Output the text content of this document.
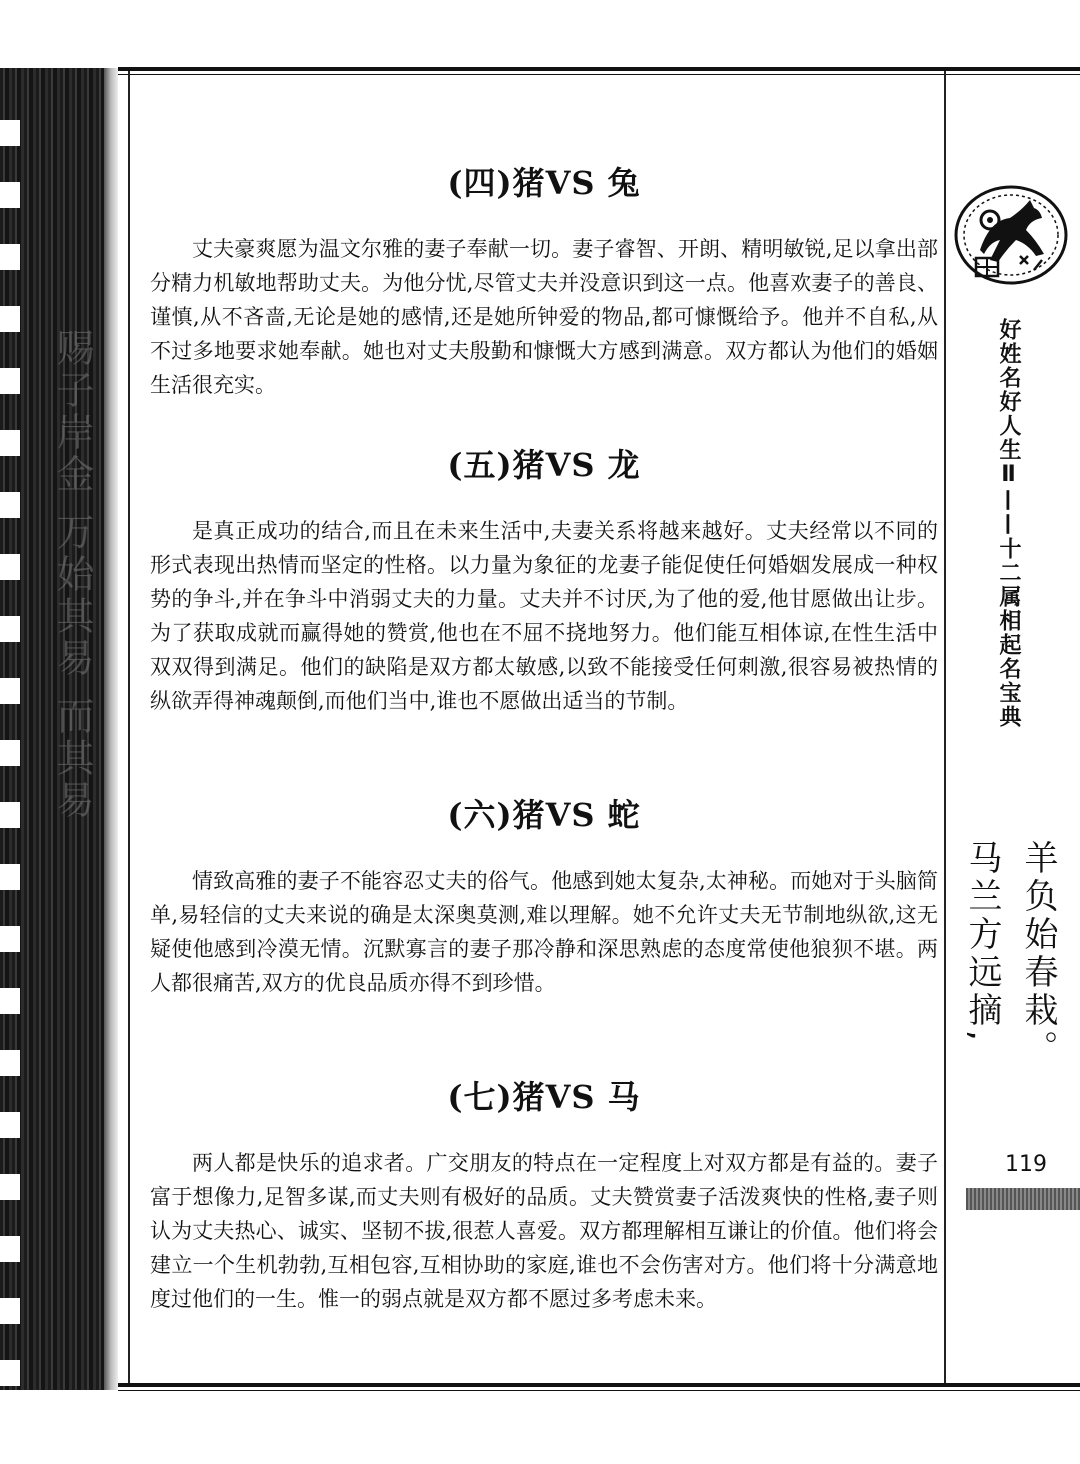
赐子岸金 万始其易 而其易
(四)猪VS 兔

丈夫豪爽愿为温文尔雅的妻子奉献一切。妻子睿智、开朗、精明敏锐,足以拿出部分精力机敏地帮助丈夫。为他分忧,尽管丈夫并没意识到这一点。他喜欢妻子的善良、谨慎,从不吝啬,无论是她的感情,还是她所钟爱的物品,都可慷慨给予。他并不自私,从不过多地要求她奉献。她也对丈夫殷勤和慷慨大方感到满意。双方都认为他们的婚姻生活很充实。

(五)猪VS 龙

是真正成功的结合,而且在未来生活中,夫妻关系将越来越好。丈夫经常以不同的形式表现出热情而坚定的性格。以力量为象征的龙妻子能促使任何婚姻发展成一种权势的争斗,并在争斗中消弱丈夫的力量。丈夫并不讨厌,为了他的爱,他甘愿做出让步。为了获取成就而赢得她的赞赏,他也在不屈不挠地努力。他们能互相体谅,在性生活中双双得到满足。他们的缺陷是双方都太敏感,以致不能接受任何刺激,很容易被热情的纵欲弄得神魂颠倒,而他们当中,谁也不愿做出适当的节制。

(六)猪VS 蛇

情致高雅的妻子不能容忍丈夫的俗气。他感到她太复杂,太神秘。而她对于头脑简单,易轻信的丈夫来说的确是太深奥莫测,难以理解。她不允许丈夫无节制地纵欲,这无疑使他感到冷漠无情。沉默寡言的妻子那冷静和深思熟虑的态度常使他狼狈不堪。两人都很痛苦,双方的优良品质亦得不到珍惜。

(七)猪VS 马

两人都是快乐的追求者。广交朋友的特点在一定程度上对双方都是有益的。妻子富于想像力,足智多谋,而丈夫则有极好的品质。丈夫赞赏妻子活泼爽快的性格,妻子则认为丈夫热心、诚实、坚韧不拔,很惹人喜爱。双方都理解相互谦让的价值。他们将会建立一个生机勃勃,互相包容,互相协助的家庭,谁也不会伤害对方。他们将十分满意地度过他们的一生。惟一的弱点就是双方都不愿过多考虑未来。

好姓名好人生Ⅱ——十二属相起名宝典
羊负始春栽。
马兰方远摘,
119
